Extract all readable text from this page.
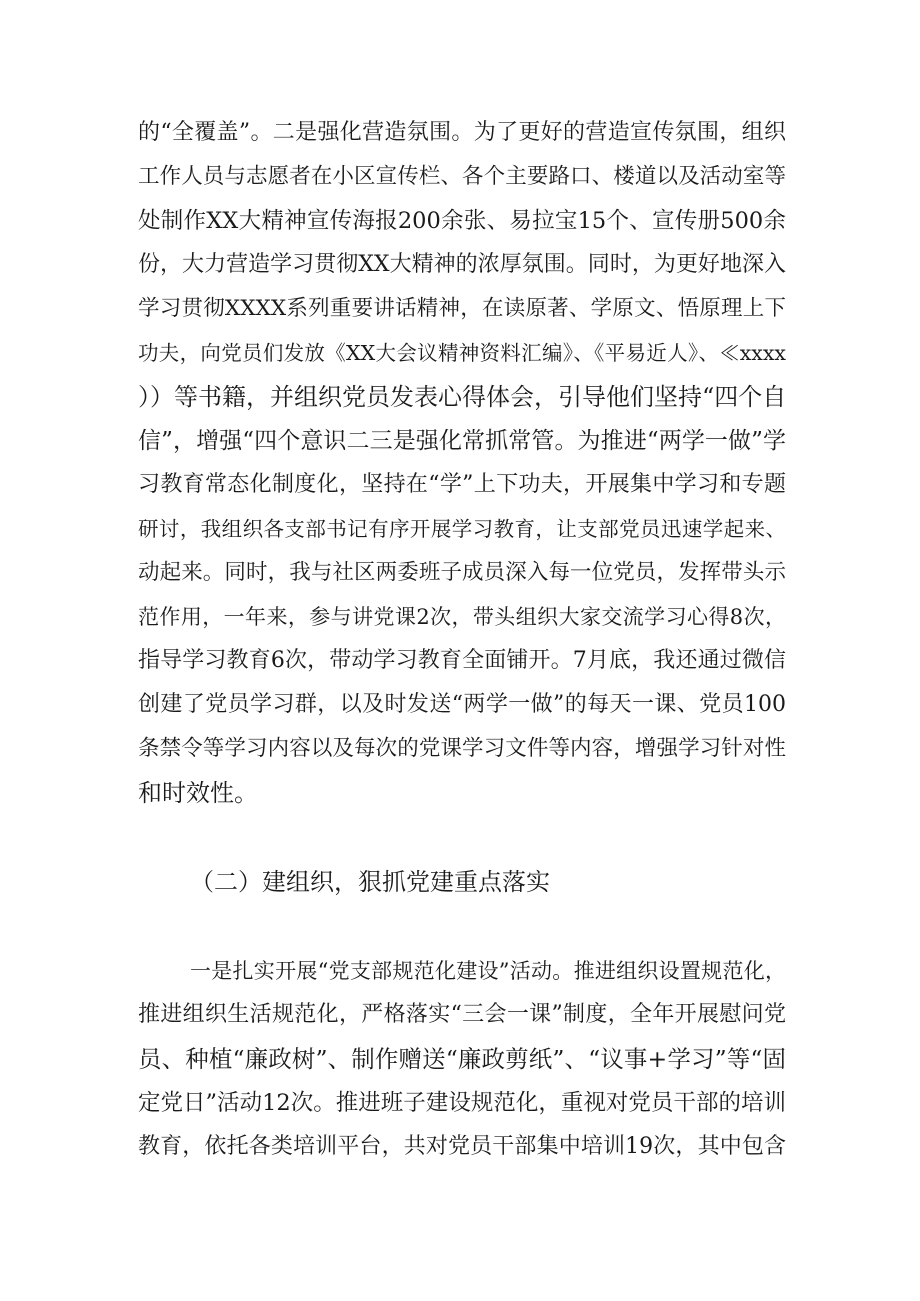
的“全覆盖”。二是强化营造氛围。为了更好的营造宣传氛围，组织
工作人员与志愿者在小区宣传栏、各个主要路口、楼道以及活动室等
处制作XX大精神宣传海报200余张、易拉宝15个、宣传册500余
份，大力营造学习贯彻XX大精神的浓厚氛围。同时，为更好地深入
学习贯彻XXXX系列重要讲话精神，在读原著、学原文、悟原理上下
功夫，向党员们发放《XX大会议精神资料汇编》、《平易近人》、≪xxxx
））等书籍，并组织党员发表心得体会，引导他们坚持“四个自
信”，增强“四个意识二三是强化常抓常管。为推进“两学一做”学
习教育常态化制度化，坚持在“学”上下功夫，开展集中学习和专题
研讨，我组织各支部书记有序开展学习教育，让支部党员迅速学起来、
动起来。同时，我与社区两委班子成员深入每一位党员，发挥带头示
范作用，一年来，参与讲党课2次，带头组织大家交流学习心得8次，
指导学习教育6次，带动学习教育全面铺开。7月底，我还通过微信
创建了党员学习群，以及时发送“两学一做”的每天一课、党员100
条禁令等学习内容以及每次的党课学习文件等内容，增强学习针对性
和时效性。
（二）建组织，狠抓党建重点落实
一是扎实开展“党支部规范化建设”活动。推进组织设置规范化，
推进组织生活规范化，严格落实“三会一课”制度，全年开展慰问党
员、种植“廉政树”、制作赠送“廉政剪纸”、“议事+学习”等“固
定党日”活动12次。推进班子建设规范化，重视对党员干部的培训
教育，依托各类培训平台，共对党员干部集中培训19次，其中包含
